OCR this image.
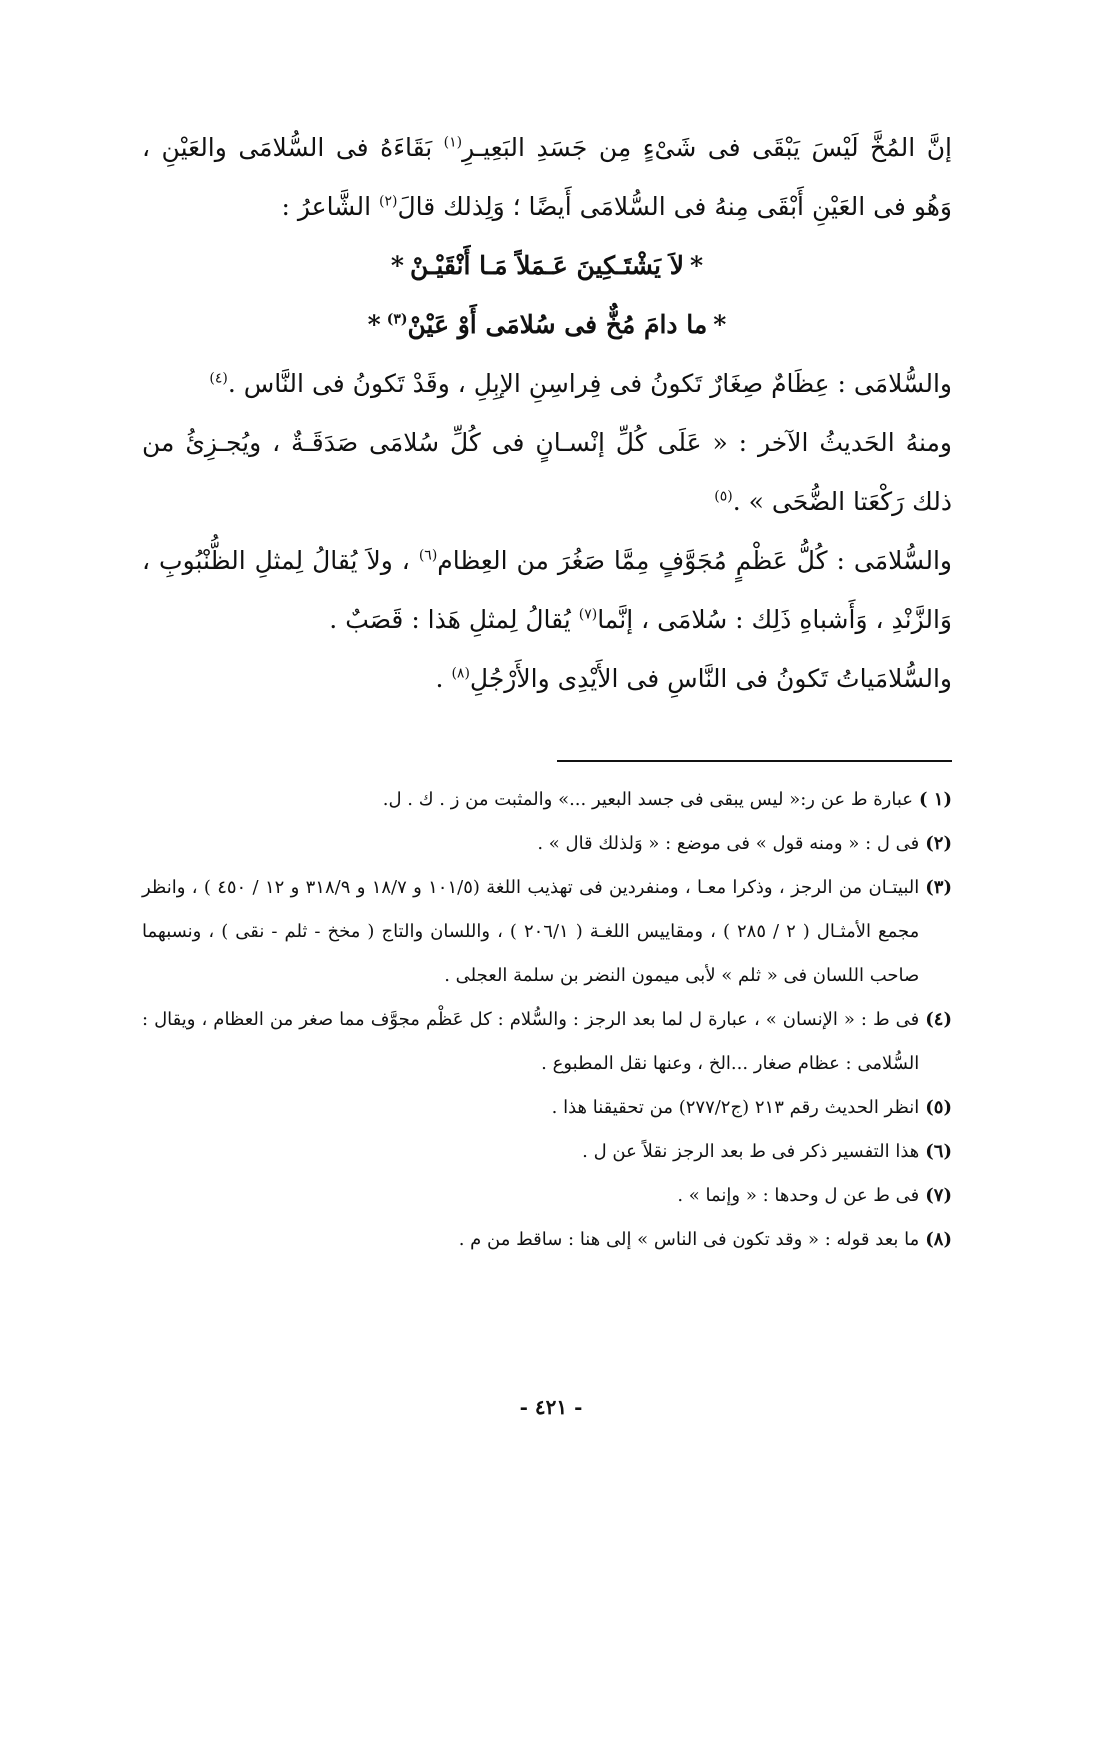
إنَّ المُخَّ لَيْسَ يَبْقَى فى شَىْءٍ مِن جَسَدِ البَعِيـرِ$^{(١)}$ بَقَاءَهُ فى السُّلامَى والعَيْنِ ، وَهُو فى العَيْنِ أَبْقَى مِنهُ فى السُّلامَى أَيضًا ؛ وَلِذلك قالَ$^{(٢)}$ الشَّاعرُ :

*لاَ يَشْتَـكِينَ عَـمَلاً مَـا أَنْقَيْـنْ*

*ما دامَ مُخٌّ فى سُلامَى أَوْ عَيْنْ$^{(٣)}$*

والسُّلامَى : عِظَامٌ صِغَارٌ تَكونُ فى فِراسِنِ الإبِلِ ، وقَدْ تَكونُ فى النَّاس .$^{(٤)}$

ومنهُ الحَديثُ الآخر : « عَلَى كُلِّ إنْسـانٍ فى كُلِّ سُلامَى صَدَقَـةٌ ، ويُجـزِئُ من ذلك رَكْعَتا الضُّحَى » .$^{(٥)}$

والسُّلامَى : كُلُّ عَظْمٍ مُجَوَّفٍ مِمَّا صَغُرَ من العِظام$^{(٦)}$ ، ولاَ يُقالُ لِمثلِ الظُّنْبُوبِ ، وَالزَّنْدِ ، وَأَشباهِ ذَلِك : سُلامَى ، إنَّما$^{(٧)}$ يُقالُ لِمثلِ هَذا : قَصَبٌ .

والسُّلامَياتُ تَكونُ فى النَّاسِ فى الأَيْدِى والأَرْجُلِ$^{(٨)}$ .

(١ )
عبارة ط عن ر:« ليس يبقى فى جسد البعير ...» والمثبت من ز . ك . ل.
(٢)
فى ل : « ومنه قول » فى موضع : « وَلذلك قال » .
(٣)
البيتـان من الرجز ، وذكرا معـا ، ومنفردين فى تهذيب اللغة (١٠١/٥ و ١٨/٧ و ٣١٨/٩ و ١٢ / ٤٥٠ ) ، وانظر مجمع الأمثـال ( ٢ / ٢٨٥ ) ، ومقاييس اللغـة ( ٢٠٦/١ ) ، واللسان والتاج ( مخخ - ثلم - نقى ) ، ونسبهما صاحب اللسان فى « ثلم » لأبى ميمون النضر بن سلمة العجلى .
(٤)
فى ط : « الإنسان » ، عبارة ل لما بعد الرجز : والسُّلام : كل عَظْم مجوَّف مما صغر من العظام ، ويقال : السُّلامى : عظام صغار ...الخ ، وعنها نقل المطبوع .
(٥)
انظر الحديث رقم ٢١٣ (ج٢٧٧/٢) من تحقيقنا هذا .
(٦)
هذا التفسير ذكر فى ط بعد الرجز نقلاً عن ل .
(٧)
فى ط عن ل وحدها : « وإنما » .
(٨)
ما بعد قوله : « وقد تكون فى الناس » إلى هنا : ساقط من م .
- ٤٢١ -
